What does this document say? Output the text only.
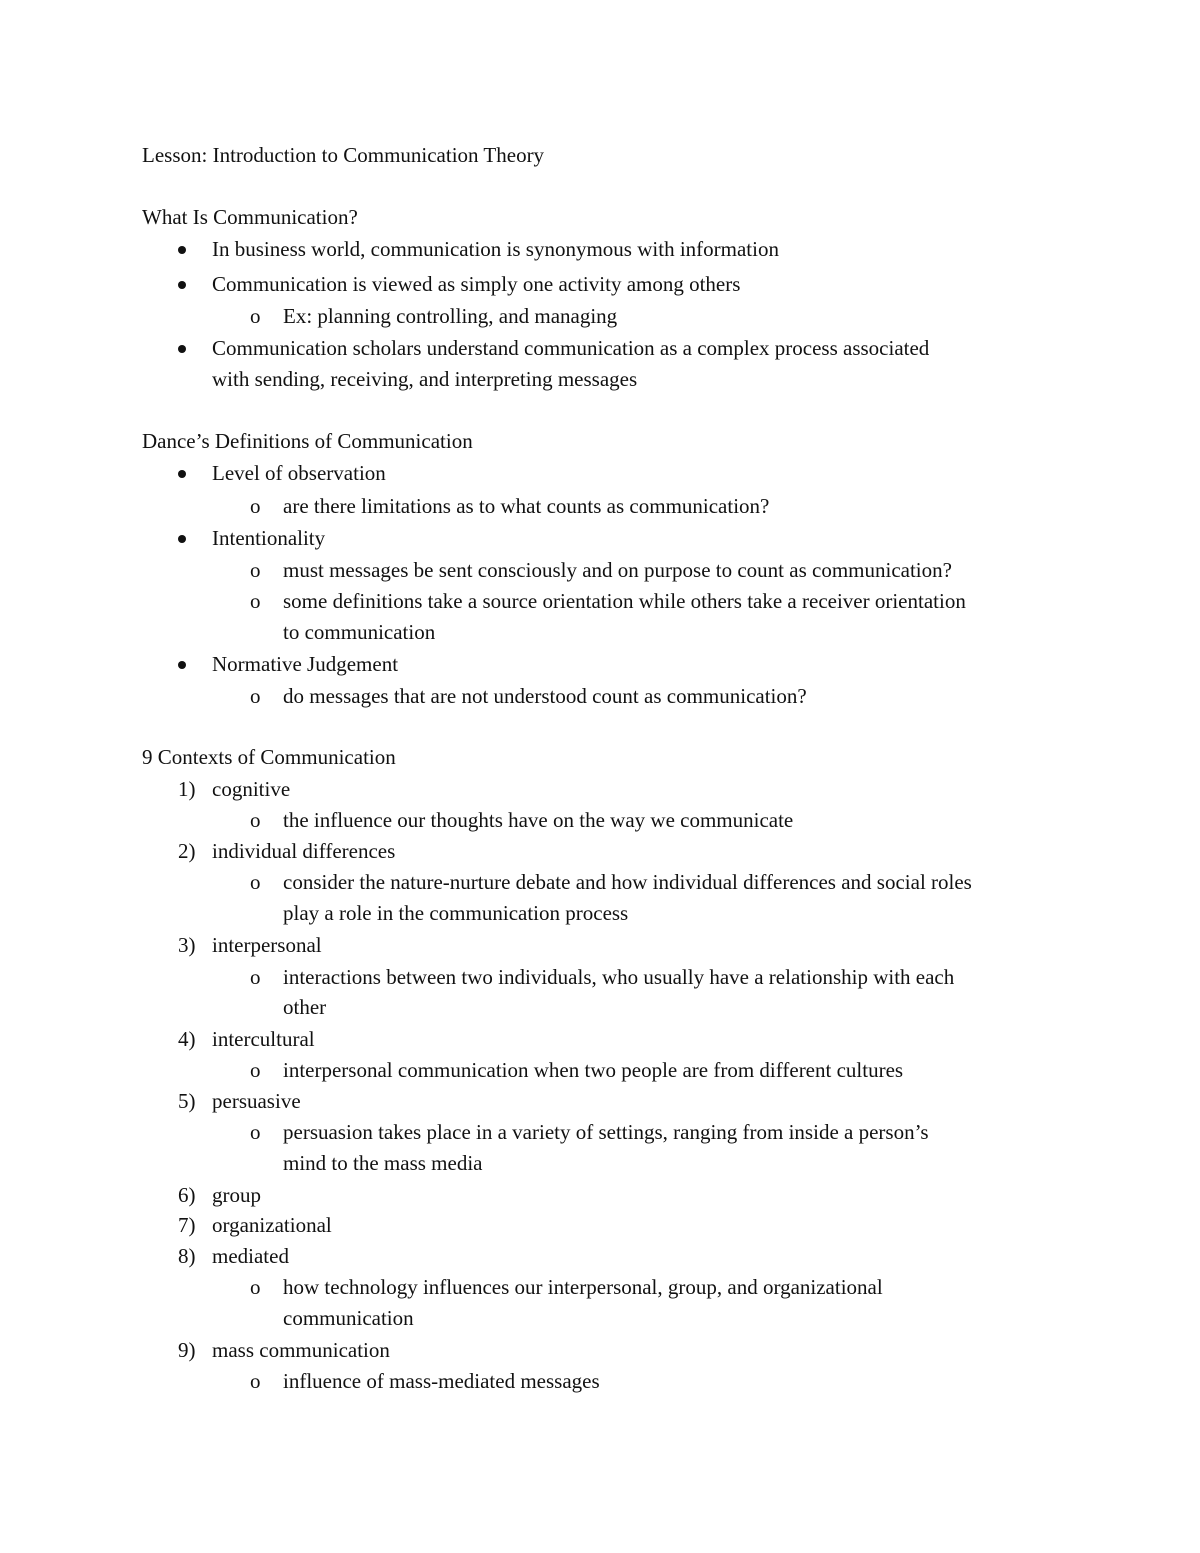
Lesson: Introduction to Communication Theory
What Is Communication?
In business world, communication is synonymous with information
Communication is viewed as simply one activity among others
o Ex: planning controlling, and managing
Communication scholars understand communication as a complex process associated
with sending, receiving, and interpreting messages
Dance’s Definitions of Communication
Level of observation
o are there limitations as to what counts as communication?
Intentionality
o must messages be sent consciously and on purpose to count as communication?
o some definitions take a source orientation while others take a receiver orientation
to communication
Normative Judgement
o do messages that are not understood count as communication?
9 Contexts of Communication
1) cognitive
o the influence our thoughts have on the way we communicate
2) individual differences
o consider the nature-nurture debate and how individual differences and social roles
play a role in the communication process
3) interpersonal
o interactions between two individuals, who usually have a relationship with each
other
4) intercultural
o interpersonal communication when two people are from different cultures
5) persuasive
o persuasion takes place in a variety of settings, ranging from inside a person’s
mind to the mass media
6) group
7) organizational
8) mediated
o how technology influences our interpersonal, group, and organizational
communication
9) mass communication
o influence of mass-mediated messages
